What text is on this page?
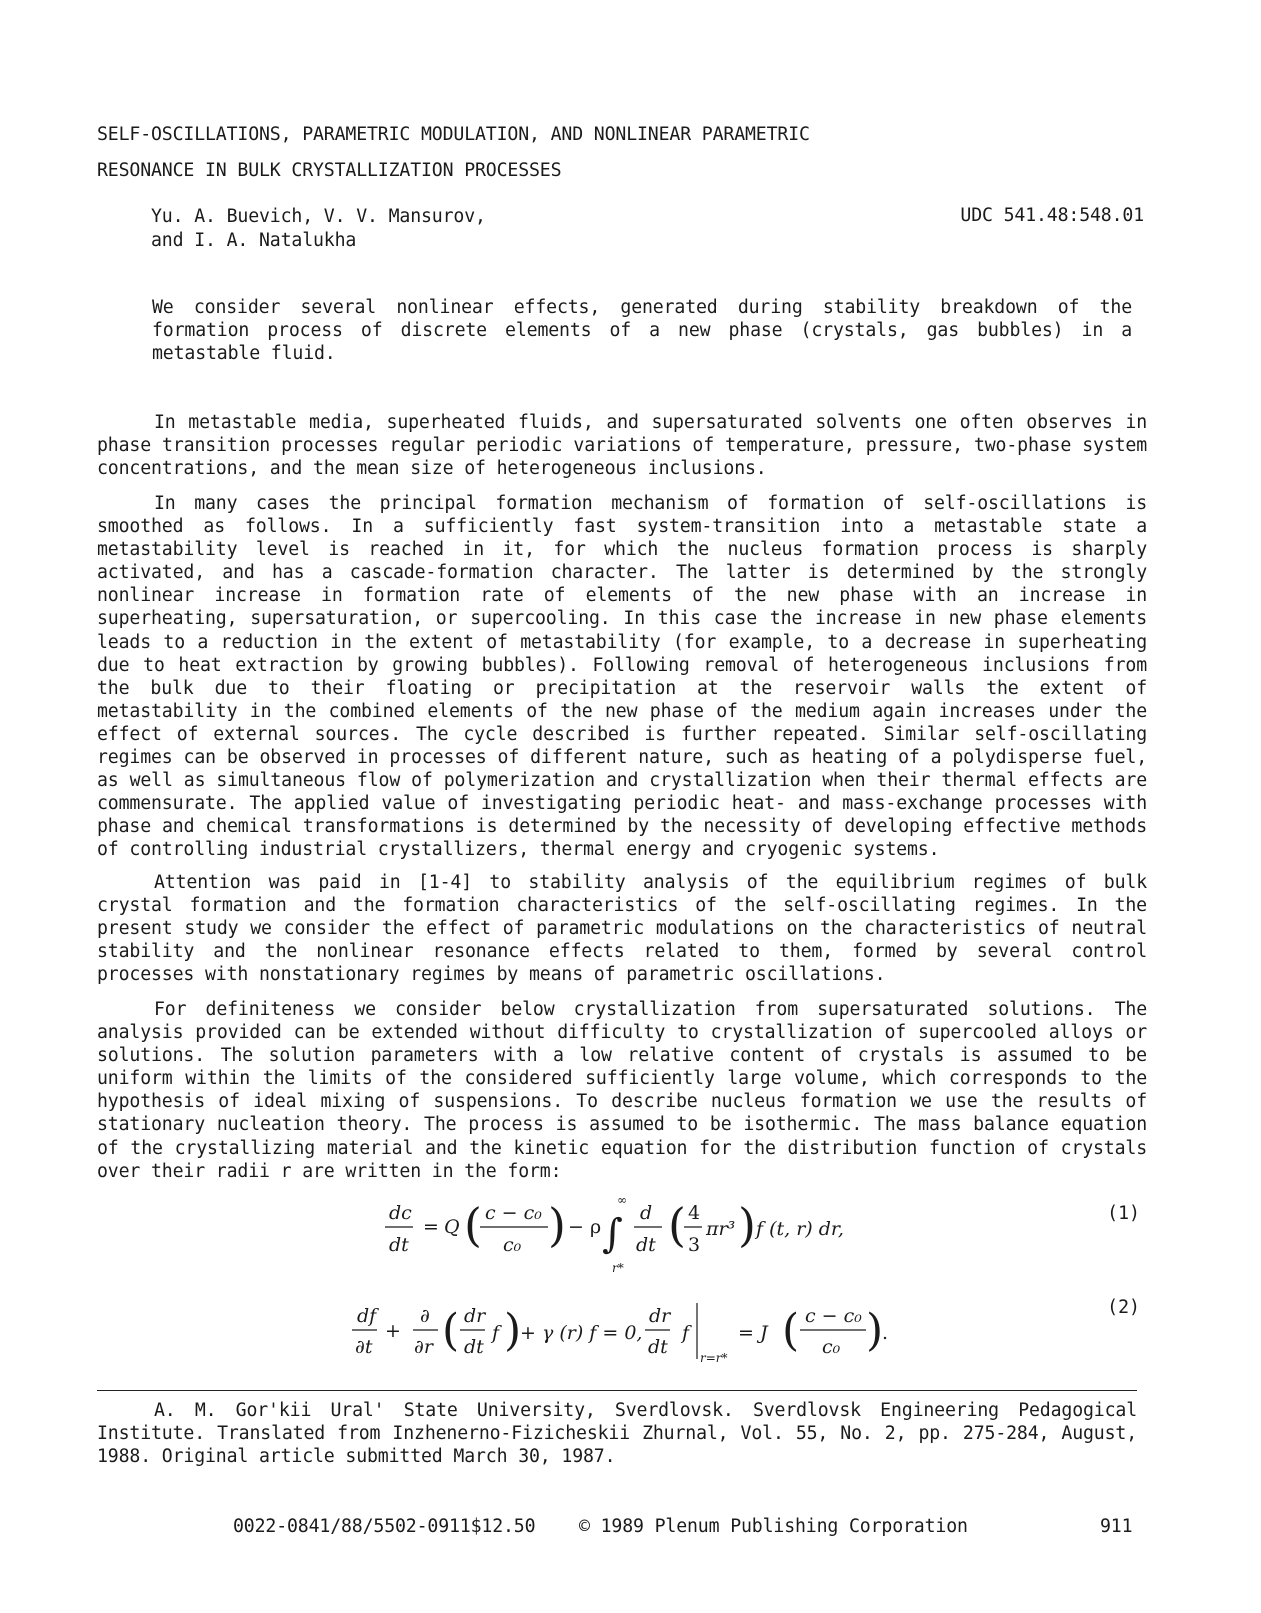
SELF-OSCILLATIONS, PARAMETRIC MODULATION, AND NONLINEAR PARAMETRIC
RESONANCE IN BULK CRYSTALLIZATION PROCESSES
Yu. A. Buevich, V. V. Mansurov,
and I. A. Natalukha
UDC 541.48:548.01
We consider several nonlinear effects, generated during stability breakdown of the formation process of discrete elements of a new phase (crystals, gas bubbles) in a metastable fluid.
In metastable media, superheated fluids, and supersaturated solvents one often observes in phase transition processes regular periodic variations of temperature, pressure, two-phase system concentrations, and the mean size of heterogeneous inclusions.
In many cases the principal formation mechanism of formation of self-oscillations is smoothed as follows. In a sufficiently fast system-transition into a metastable state a metastability level is reached in it, for which the nucleus formation process is sharply activated, and has a cascade-formation character. The latter is determined by the strongly nonlinear increase in formation rate of elements of the new phase with an increase in superheating, supersaturation, or supercooling. In this case the increase in new phase elements leads to a reduction in the extent of metastability (for example, to a decrease in superheating due to heat extraction by growing bubbles). Following removal of heterogeneous inclusions from the bulk due to their floating or precipitation at the reservoir walls the extent of metastability in the combined elements of the new phase of the medium again increases under the effect of external sources. The cycle described is further repeated. Similar self-oscillating regimes can be observed in processes of different nature, such as heating of a polydisperse fuel, as well as simultaneous flow of polymerization and crystallization when their thermal effects are commensurate. The applied value of investigating periodic heat- and mass-exchange processes with phase and chemical transformations is determined by the necessity of developing effective methods of controlling industrial crystallizers, thermal energy and cryogenic systems.
Attention was paid in [1-4] to stability analysis of the equilibrium regimes of bulk crystal formation and the formation characteristics of the self-oscillating regimes. In the present study we consider the effect of parametric modulations on the characteristics of neutral stability and the nonlinear resonance effects related to them, formed by several control processes with nonstationary regimes by means of parametric oscillations.
For definiteness we consider below crystallization from supersaturated solutions. The analysis provided can be extended without difficulty to crystallization of supercooled alloys or solutions. The solution parameters with a low relative content of crystals is assumed to be uniform within the limits of the considered sufficiently large volume, which corresponds to the hypothesis of ideal mixing of suspensions. To describe nucleus formation we use the results of stationary nucleation theory. The process is assumed to be isothermic. The mass balance equation of the crystallizing material and the kinetic equation for the distribution function of crystals over their radii r are written in the form:
dc
dt
= Q ( c − c₀
c₀ ) − ρ
∞
∫
r*
d
dt ( 4
3
πr³ ) f (t, r) dr,
(1)
df
∂t
+
∂
∂r ( dr
dt
f )
+ γ (r) f = 0,
dr
dt
f
r=r*
= J ( c − c₀
c₀ )
.
(2)
A. M. Gor'kii Ural' State University, Sverdlovsk. Sverdlovsk Engineering Pedagogical Institute. Translated from Inzhenerno-Fizicheskii Zhurnal, Vol. 55, No. 2, pp. 275-284, August, 1988. Original article submitted March 30, 1987.
0022-0841/88/5502-0911$12.50 © 1989 Plenum Publishing Corporation	911
